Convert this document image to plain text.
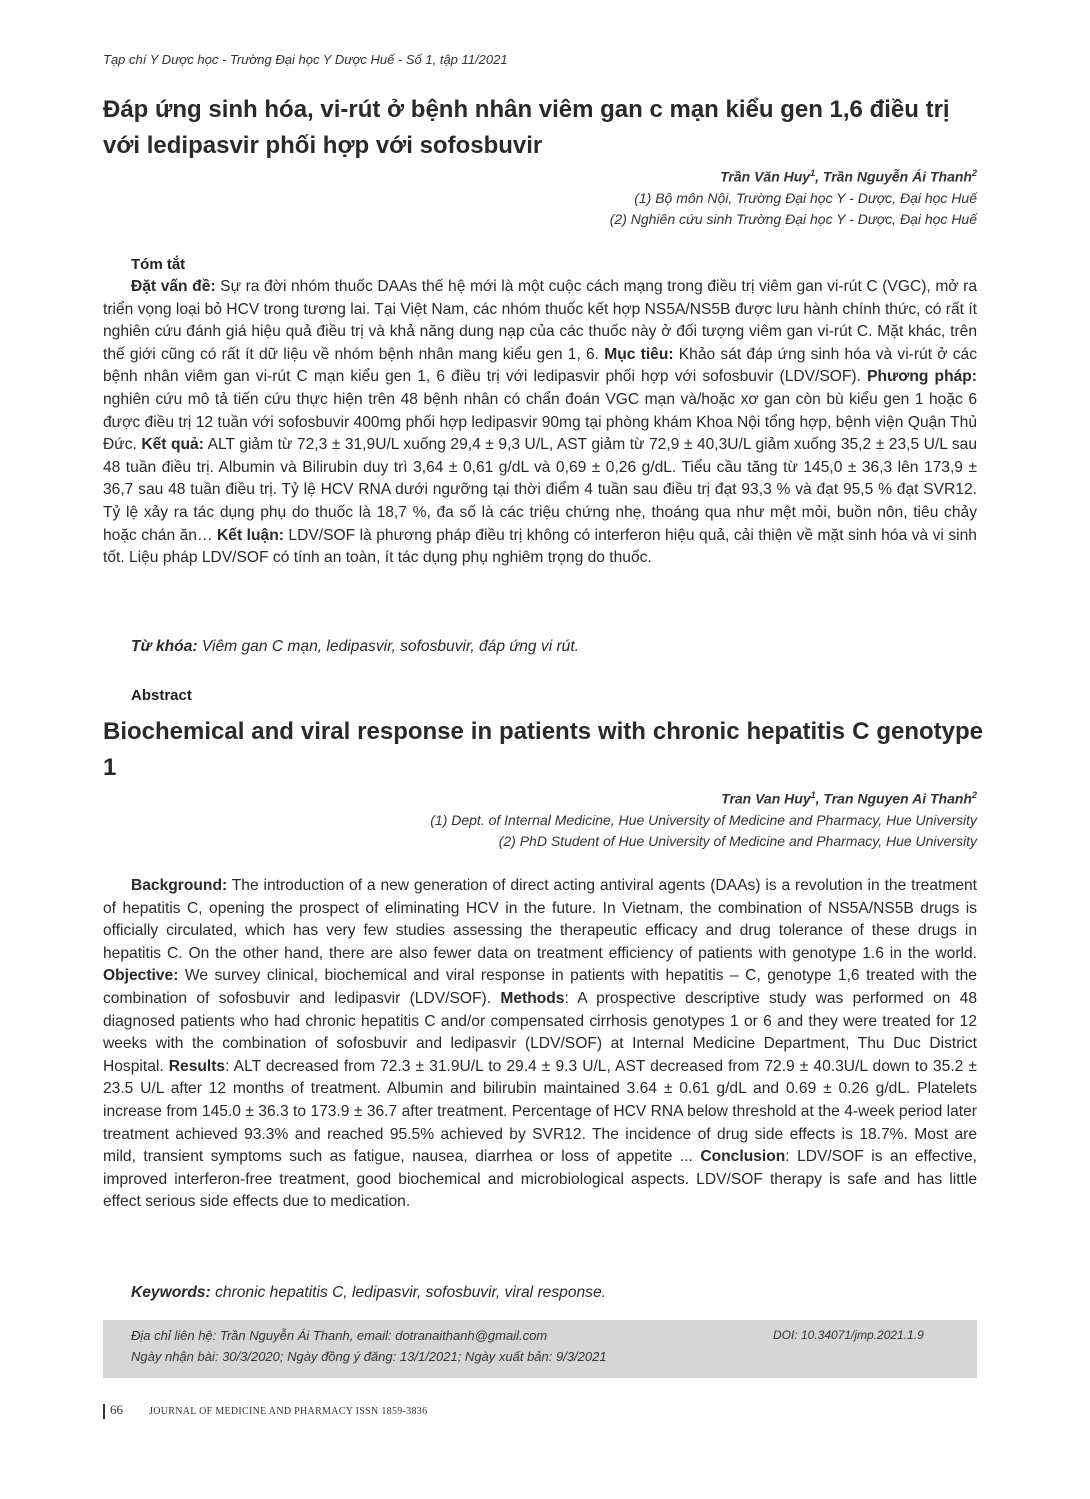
Tạp chí Y Dược học - Trường Đại học Y Dược Huế - Số 1, tập 11/2021
Đáp ứng sinh hóa, vi-rút ở bệnh nhân viêm gan c mạn kiểu gen 1,6 điều trị với ledipasvir phối hợp với sofosbuvir
Trần Văn Huy$^1$, Trần Nguyễn Ái Thanh$^2$
(1) Bộ môn Nội, Trường Đại học Y - Dược, Đại học Huế
(2) Nghiên cứu sinh Trường Đại học Y - Dược, Đại học Huế
Tóm tắt

Đặt vấn đề: Sự ra đời nhóm thuốc DAAs thế hệ mới là một cuộc cách mạng trong điều trị viêm gan vi-rút C (VGC), mở ra triển vọng loại bỏ HCV trong tương lai. Tại Việt Nam, các nhóm thuốc kết hợp NS5A/NS5B được lưu hành chính thức, có rất ít nghiên cứu đánh giá hiệu quả điều trị và khả năng dung nạp của các thuốc này ở đối tượng viêm gan vi-rút C. Mặt khác, trên thế giới cũng có rất ít dữ liệu về nhóm bệnh nhân mang kiểu gen 1, 6. Mục tiêu: Khảo sát đáp ứng sinh hóa và vi-rút ở các bệnh nhân viêm gan vi-rút C mạn kiểu gen 1, 6 điều trị với ledipasvir phối hợp với sofosbuvir (LDV/SOF). Phương pháp: nghiên cứu mô tả tiến cứu thực hiện trên 48 bệnh nhân có chẩn đoán VGC mạn và/hoặc xơ gan còn bù kiểu gen 1 hoặc 6 được điều trị 12 tuần với sofosbuvir 400mg phối hợp ledipasvir 90mg tại phòng khám Khoa Nội tổng hợp, bệnh viện Quận Thủ Đức. Kết quả: ALT giảm từ 72,3 ± 31,9U/L xuống 29,4 ± 9,3 U/L, AST giảm từ 72,9 ± 40,3U/L giảm xuống 35,2 ± 23,5 U/L sau 48 tuần điều trị. Albumin và Bilirubin duy trì 3,64 ± 0,61 g/dL và 0,69 ± 0,26 g/dL. Tiểu cầu tăng từ 145,0 ± 36,3 lên 173,9 ± 36,7 sau 48 tuần điều trị. Tỷ lệ HCV RNA dưới ngưỡng tại thời điểm 4 tuần sau điều trị đạt 93,3 % và đạt 95,5 % đạt SVR12. Tỷ lệ xảy ra tác dụng phụ do thuốc là 18,7 %, đa số là các triệu chứng nhẹ, thoáng qua như mệt mỏi, buồn nôn, tiêu chảy hoặc chán ăn… Kết luận: LDV/SOF là phương pháp điều trị không có interferon hiệu quả, cải thiện về mặt sinh hóa và vi sinh tốt. Liệu pháp LDV/SOF có tính an toàn, ít tác dụng phụ nghiêm trọng do thuốc.

Từ khóa: Viêm gan C mạn, ledipasvir, sofosbuvir, đáp ứng vi rút.
Abstract
Biochemical and viral response in patients with chronic hepatitis C genotype 1
Tran Van Huy$^1$, Tran Nguyen Ai Thanh$^2$
(1) Dept. of Internal Medicine, Hue University of Medicine and Pharmacy, Hue University
(2) PhD Student of Hue University of Medicine and Pharmacy, Hue University

Background: The introduction of a new generation of direct acting antiviral agents (DAAs) is a revolution in the treatment of hepatitis C, opening the prospect of eliminating HCV in the future. In Vietnam, the combination of NS5A/NS5B drugs is officially circulated, which has very few studies assessing the therapeutic efficacy and drug tolerance of these drugs in hepatitis C. On the other hand, there are also fewer data on treatment efficiency of patients with genotype 1.6 in the world. Objective: We survey clinical, biochemical and viral response in patients with hepatitis – C, genotype 1,6 treated with the combination of sofosbuvir and ledipasvir (LDV/SOF). Methods: A prospective descriptive study was performed on 48 diagnosed patients who had chronic hepatitis C and/or compensated cirrhosis genotypes 1 or 6 and they were treated for 12 weeks with the combination of sofosbuvir and ledipasvir (LDV/SOF) at Internal Medicine Department, Thu Duc District Hospital. Results: ALT decreased from 72.3 ± 31.9U/L to 29.4 ± 9.3 U/L, AST decreased from 72.9 ± 40.3U/L down to 35.2 ± 23.5 U/L after 12 months of treatment. Albumin and bilirubin maintained 3.64 ± 0.61 g/dL and 0.69 ± 0.26 g/dL. Platelets increase from 145.0 ± 36.3 to 173.9 ± 36.7 after treatment. Percentage of HCV RNA below threshold at the 4-week period later treatment achieved 93.3% and reached 95.5% achieved by SVR12. The incidence of drug side effects is 18.7%. Most are mild, transient symptoms such as fatigue, nausea, diarrhea or loss of appetite ... Conclusion: LDV/SOF is an effective, improved interferon-free treatment, good biochemical and microbiological aspects. LDV/SOF therapy is safe and has little effect serious side effects due to medication.

Keywords: chronic hepatitis C, ledipasvir, sofosbuvir, viral response.
Địa chỉ liên hệ: Trần Nguyễn Ái Thanh, email: dotranaithanh@gmail.com	DOI: 10.34071/jmp.2021.1.9
Ngày nhận bài: 30/3/2020; Ngày đồng ý đăng: 13/1/2021; Ngày xuất bản: 9/3/2021
66	JOURNAL OF MEDICINE AND PHARMACY ISSN 1859-3836
